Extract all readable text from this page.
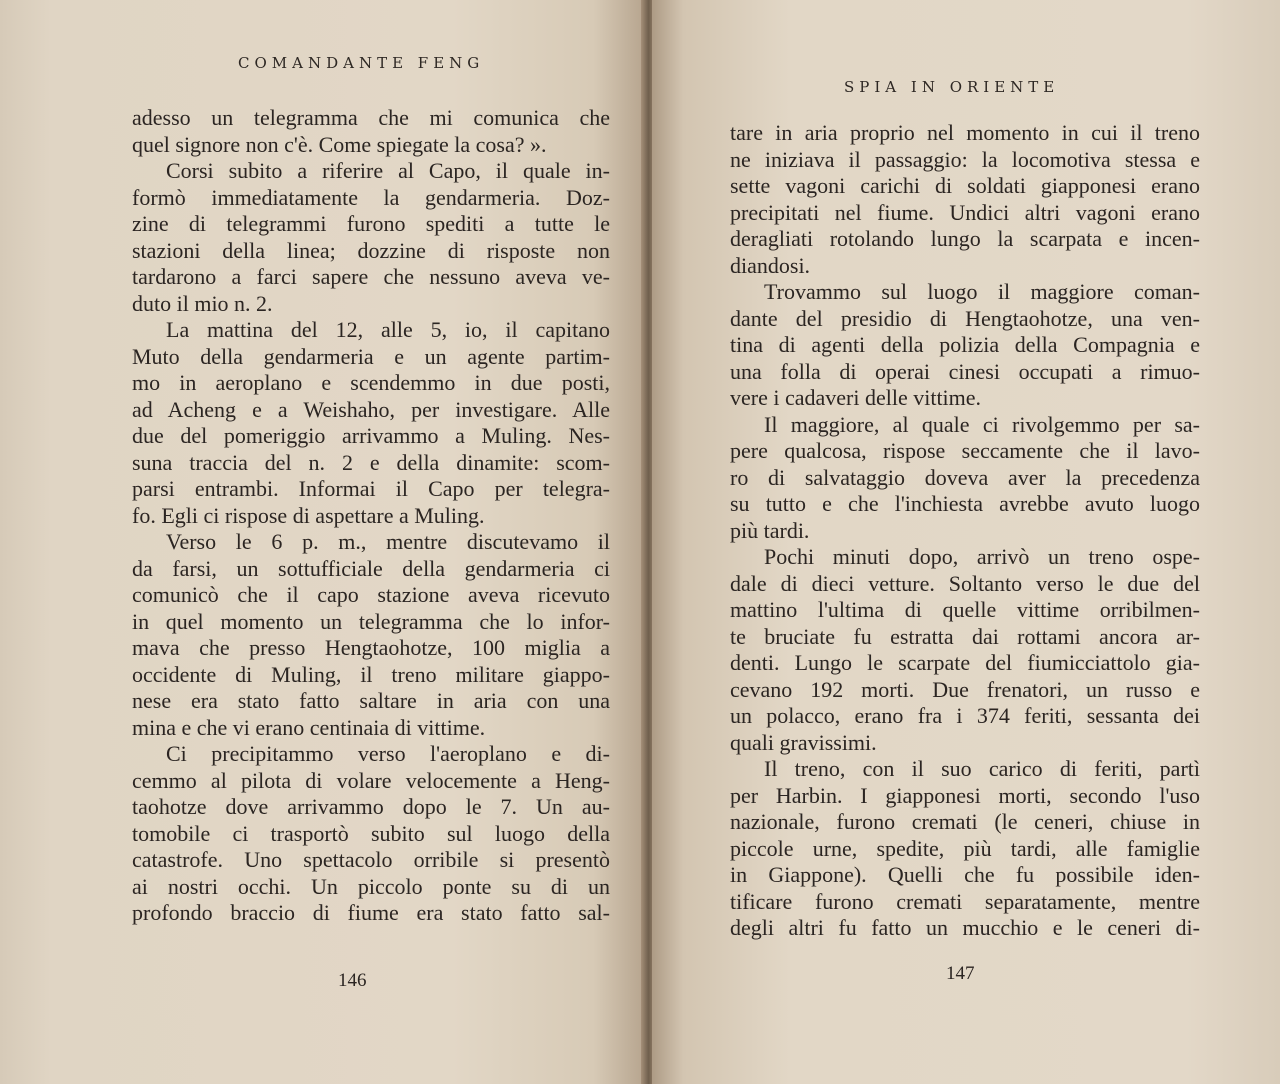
COMANDANTE FENG
adesso un telegramma che mi comunica che
quel signore non c'è. Come spiegate la cosa? ».
Corsi subito a riferire al Capo, il quale in-
formò immediatamente la gendarmeria. Doz-
zine di telegrammi furono spediti a tutte le
stazioni della linea; dozzine di risposte non
tardarono a farci sapere che nessuno aveva ve-
duto il mio n. 2.
La mattina del 12, alle 5, io, il capitano
Muto della gendarmeria e un agente partim-
mo in aeroplano e scendemmo in due posti,
ad Acheng e a Weishaho, per investigare. Alle
due del pomeriggio arrivammo a Muling. Nes-
suna traccia del n. 2 e della dinamite: scom-
parsi entrambi. Informai il Capo per telegra-
fo. Egli ci rispose di aspettare a Muling.
Verso le 6 p. m., mentre discutevamo il
da farsi, un sottufficiale della gendarmeria ci
comunicò che il capo stazione aveva ricevuto
in quel momento un telegramma che lo infor-
mava che presso Hengtaohotze, 100 miglia a
occidente di Muling, il treno militare giappo-
nese era stato fatto saltare in aria con una
mina e che vi erano centinaia di vittime.
Ci precipitammo verso l'aeroplano e di-
cemmo al pilota di volare velocemente a Heng-
taohotze dove arrivammo dopo le 7. Un au-
tomobile ci trasportò subito sul luogo della
catastrofe. Uno spettacolo orribile si presentò
ai nostri occhi. Un piccolo ponte su di un
profondo braccio di fiume era stato fatto sal-
146
SPIA IN ORIENTE
tare in aria proprio nel momento in cui il treno
ne iniziava il passaggio: la locomotiva stessa e
sette vagoni carichi di soldati giapponesi erano
precipitati nel fiume. Undici altri vagoni erano
deragliati rotolando lungo la scarpata e incen-
diandosi.
Trovammo sul luogo il maggiore coman-
dante del presidio di Hengtaohotze, una ven-
tina di agenti della polizia della Compagnia e
una folla di operai cinesi occupati a rimuo-
vere i cadaveri delle vittime.
Il maggiore, al quale ci rivolgemmo per sa-
pere qualcosa, rispose seccamente che il lavo-
ro di salvataggio doveva aver la precedenza
su tutto e che l'inchiesta avrebbe avuto luogo
più tardi.
Pochi minuti dopo, arrivò un treno ospe-
dale di dieci vetture. Soltanto verso le due del
mattino l'ultima di quelle vittime orribilmen-
te bruciate fu estratta dai rottami ancora ar-
denti. Lungo le scarpate del fiumicciattolo gia-
cevano 192 morti. Due frenatori, un russo e
un polacco, erano fra i 374 feriti, sessanta dei
quali gravissimi.
Il treno, con il suo carico di feriti, partì
per Harbin. I giapponesi morti, secondo l'uso
nazionale, furono cremati (le ceneri, chiuse in
piccole urne, spedite, più tardi, alle famiglie
in Giappone). Quelli che fu possibile iden-
tificare furono cremati separatamente, mentre
degli altri fu fatto un mucchio e le ceneri di-
147
